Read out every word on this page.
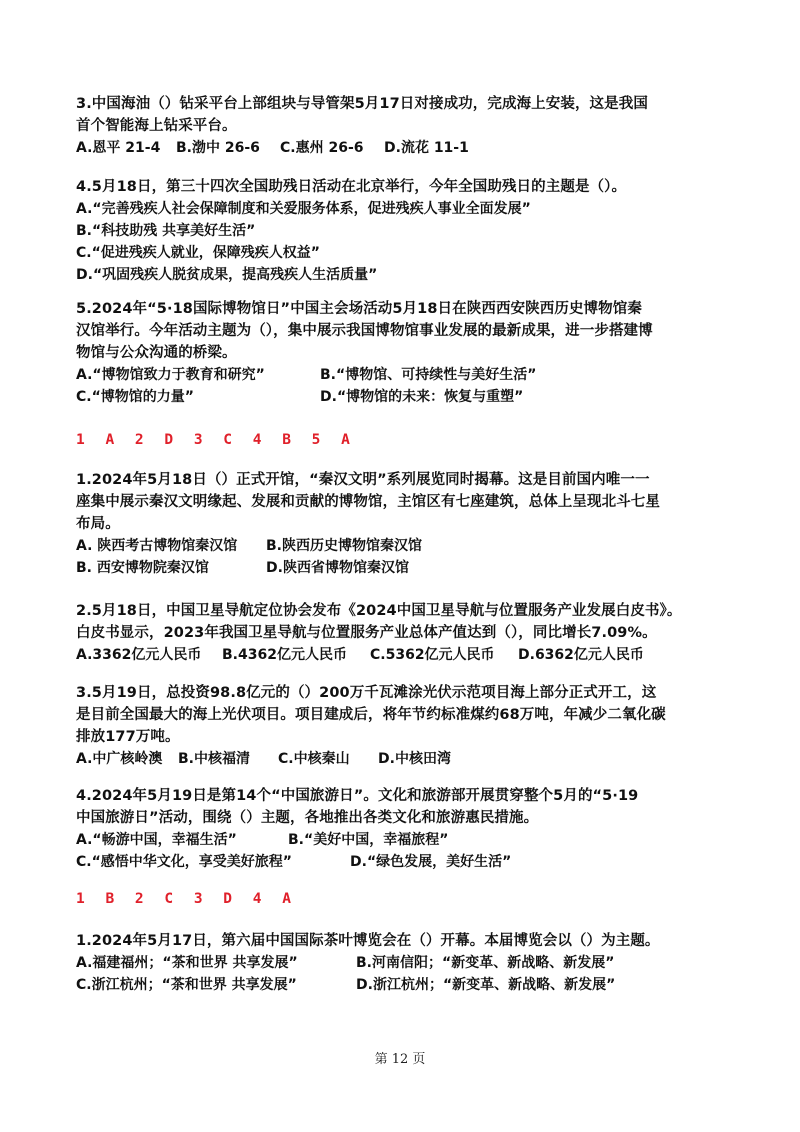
3.中国海油（）钻采平台上部组块与导管架5月17日对接成功，完成海上安装，这是我国
首个智能海上钻采平台。
A.恩平 21-4 B.渤中 26-6 C.惠州 26-6 D.流花 11-1
4.5月18日，第三十四次全国助残日活动在北京举行，今年全国助残日的主题是（）。
A.“完善残疾人社会保障制度和关爱服务体系，促进残疾人事业全面发展”
B.“科技助残 共享美好生活”
C.“促进残疾人就业，保障残疾人权益”
D.“巩固残疾人脱贫成果，提高残疾人生活质量”
5.2024年“5·18国际博物馆日”中国主会场活动5月18日在陕西西安陕西历史博物馆秦
汉馆举行。今年活动主题为（），集中展示我国博物馆事业发展的最新成果，进一步搭建博
物馆与公众沟通的桥梁。
A.“博物馆致力于教育和研究”	B.“博物馆、可持续性与美好生活”
C.“博物馆的力量”	D.“博物馆的未来：恢复与重塑”
1 A 2 D 3 C 4 B 5 A
1.2024年5月18日（）正式开馆，“秦汉文明”系列展览同时揭幕。这是目前国内唯一一
座集中展示秦汉文明缘起、发展和贡献的博物馆，主馆区有七座建筑，总体上呈现北斗七星
布局。
A. 陕西考古博物馆秦汉馆 B.陕西历史博物馆秦汉馆
B. 西安博物院秦汉馆	D.陕西省博物馆秦汉馆
2.5月18日，中国卫星导航定位协会发布《2024中国卫星导航与位置服务产业发展白皮书》。
白皮书显示，2023年我国卫星导航与位置服务产业总体产值达到（），同比增长7.09%。
A.3362亿元人民币 B.4362亿元人民币 C.5362亿元人民币 D.6362亿元人民币
3.5月19日，总投资98.8亿元的（）200万千瓦滩涂光伏示范项目海上部分正式开工，这
是目前全国最大的海上光伏项目。项目建成后，将年节约标准煤约68万吨，年减少二氧化碳
排放177万吨。
A.中广核岭澳 B.中核福清 C.中核秦山 D.中核田湾
4.2024年5月19日是第14个“中国旅游日”。文化和旅游部开展贯穿整个5月的“5·19
中国旅游日”活动，围绕（）主题，各地推出各类文化和旅游惠民措施。
A.“畅游中国，幸福生活”	B.“美好中国，幸福旅程”
C.“感悟中华文化，享受美好旅程”	D.“绿色发展，美好生活”
1 B 2 C 3 D 4 A
1.2024年5月17日，第六届中国国际茶叶博览会在（）开幕。本届博览会以（）为主题。
A.福建福州；“茶和世界 共享发展”	B.河南信阳；“新变革、新战略、新发展”
C.浙江杭州；“茶和世界 共享发展”	D.浙江杭州；“新变革、新战略、新发展”
第 12 页
